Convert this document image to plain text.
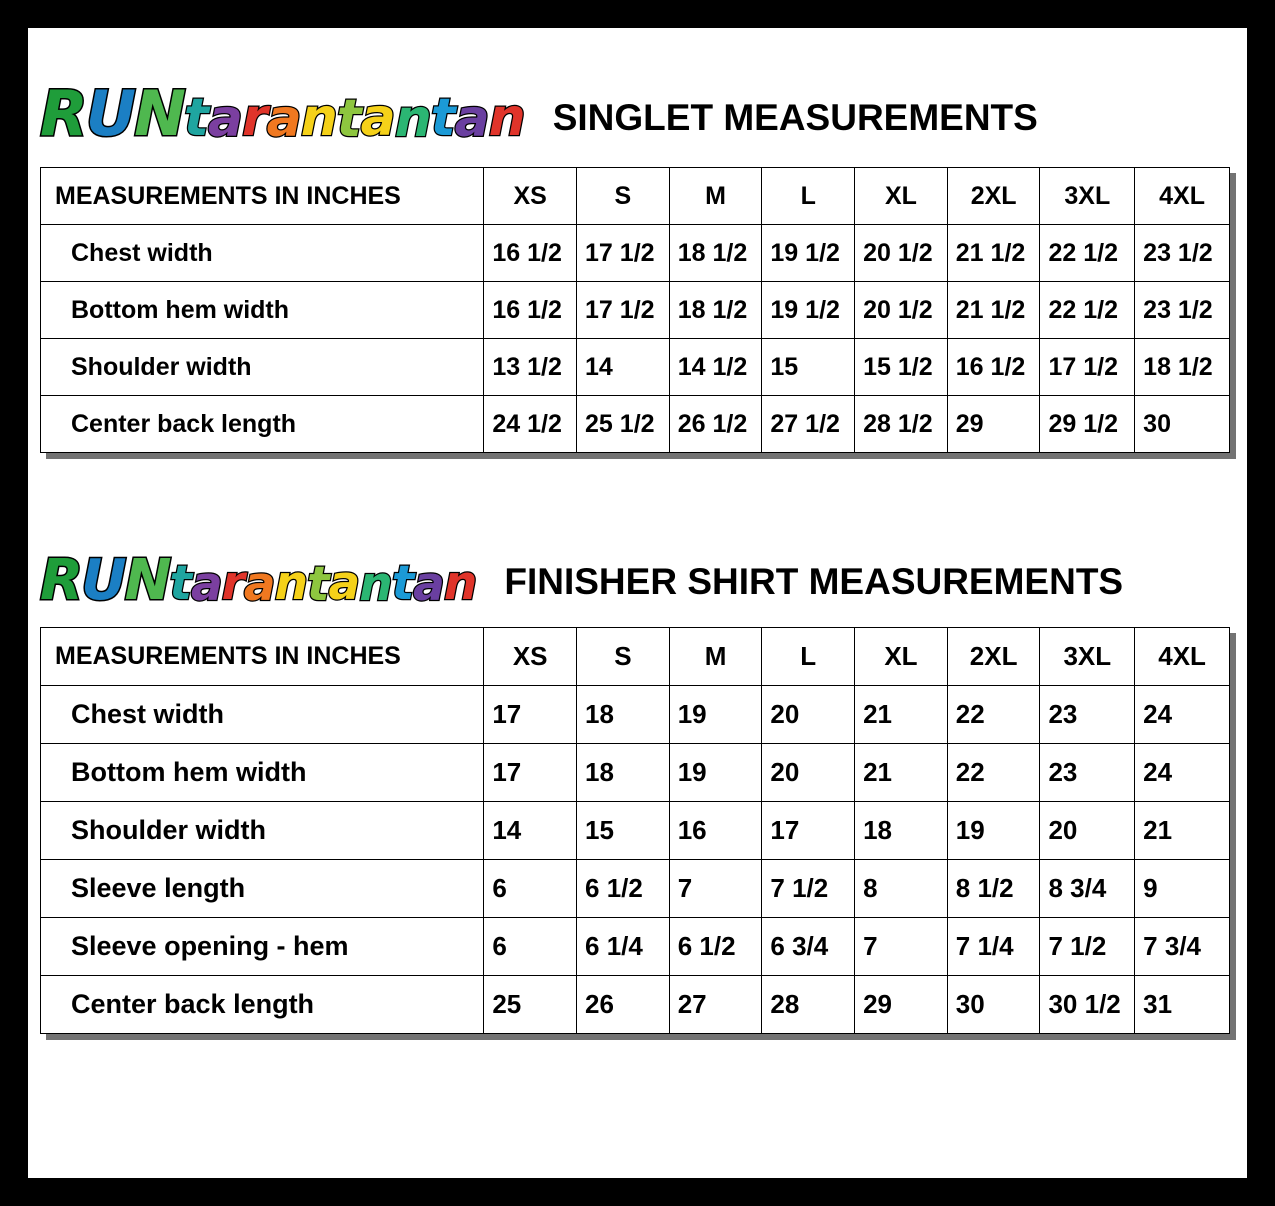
RUNtarantantan SINGLET MEASUREMENTS
MEASUREMENTS IN INCHES	XS	S	M	L	XL	2XL	3XL	4XL
Chest width	16 1/2	17 1/2	18 1/2	19 1/2	20 1/2	21 1/2	22 1/2	23 1/2
Bottom hem width	16 1/2	17 1/2	18 1/2	19 1/2	20 1/2	21 1/2	22 1/2	23 1/2
Shoulder width	13 1/2	14	14 1/2	15	15 1/2	16 1/2	17 1/2	18 1/2
Center back length	24 1/2	25 1/2	26 1/2	27 1/2	28 1/2	29	29 1/2	30
RUNtarantantan FINISHER SHIRT MEASUREMENTS
MEASUREMENTS IN INCHES	XS	S	M	L	XL	2XL	3XL	4XL
Chest width	17	18	19	20	21	22	23	24
Bottom hem width	17	18	19	20	21	22	23	24
Shoulder width	14	15	16	17	18	19	20	21
Sleeve length	6	6 1/2	7	7 1/2	8	8 1/2	8 3/4	9
Sleeve opening - hem	6	6 1/4	6 1/2	6 3/4	7	7 1/4	7 1/2	7 3/4
Center back length	25	26	27	28	29	30	30 1/2	31
